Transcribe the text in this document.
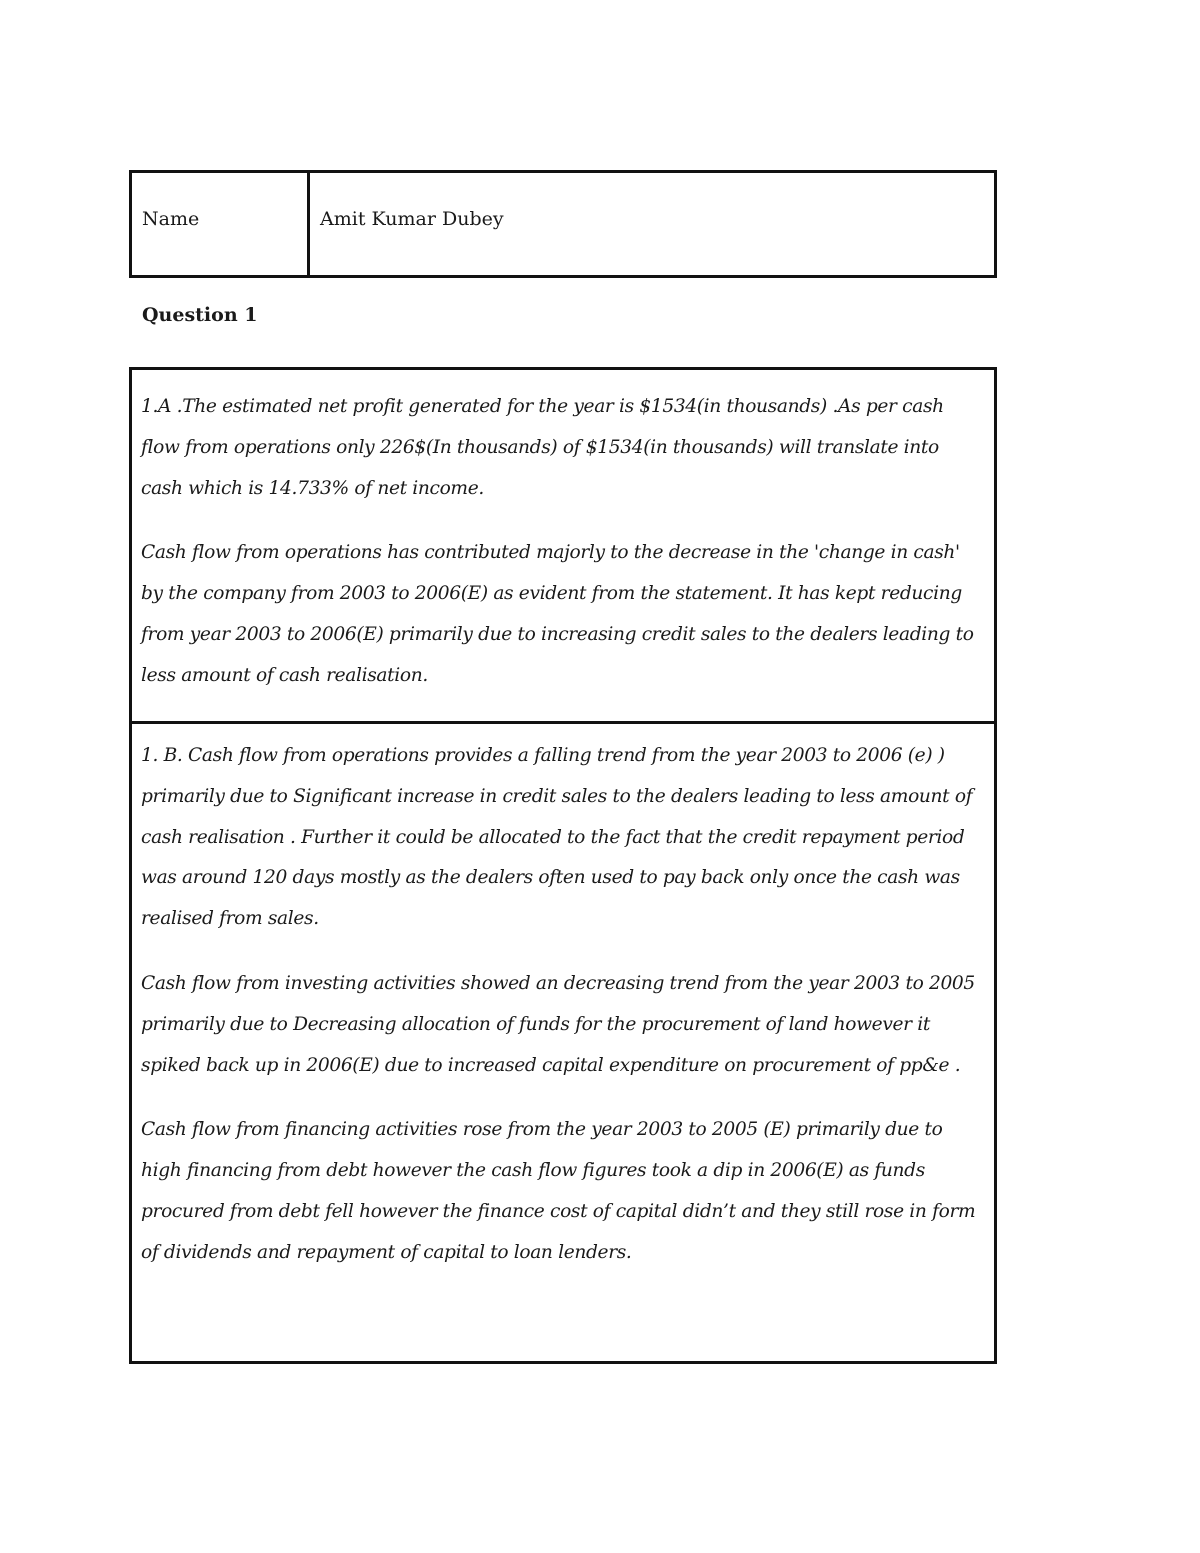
Name	Amit Kumar Dubey
Question 1

1.A .The estimated net profit generated for the year is $1534(in thousands) .As per cash flow from operations only 226$(In thousands) of $1534(in thousands) will translate into cash which is 14.733% of net income.

Cash flow from operations has contributed majorly to the decrease in the 'change in cash' by the company from 2003 to 2006(E) as evident from the statement. It has kept reducing from year 2003 to 2006(E) primarily due to increasing credit sales to the dealers leading to less amount of cash realisation.

1. B. Cash flow from operations provides a falling trend from the year 2003 to 2006 (e) ) primarily due to Significant increase in credit sales to the dealers leading to less amount of cash realisation . Further it could be allocated to the fact that the credit repayment period was around 120 days mostly as the dealers often used to pay back only once the cash was realised from sales.

Cash flow from investing activities showed an decreasing trend from the year 2003 to 2005 primarily due to Decreasing allocation of funds for the procurement of land however it spiked back up in 2006(E) due to increased capital expenditure on procurement of pp&e .

Cash flow from financing activities rose from the year 2003 to 2005 (E) primarily due to high financing from debt however the cash flow figures took a dip in 2006(E) as funds procured from debt fell however the finance cost of capital didn’t and they still rose in form of dividends and repayment of capital to loan lenders.
